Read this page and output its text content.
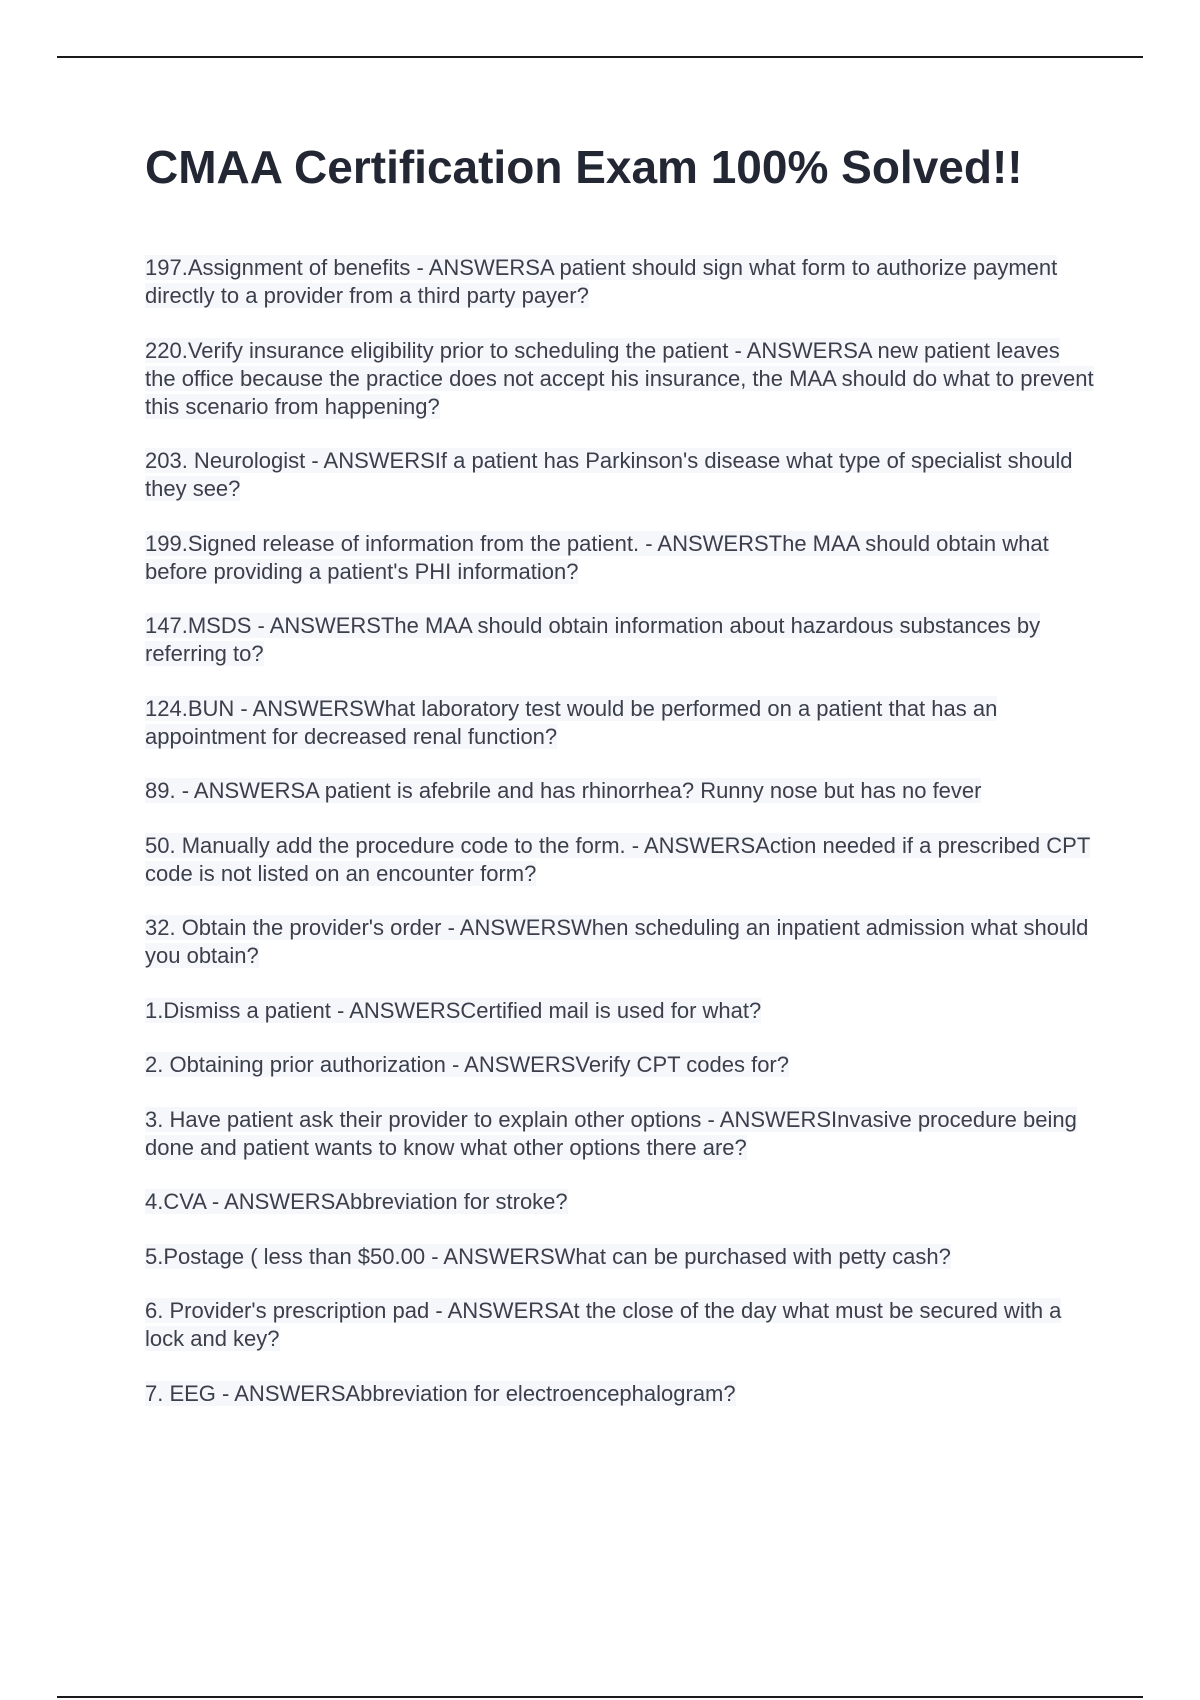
CMAA Certification Exam 100% Solved!!
197.Assignment of benefits - ANSWERSA patient should sign what form to authorize payment directly to a provider from a third party payer?
220.Verify insurance eligibility prior to scheduling the patient - ANSWERSA new patient leaves the office because the practice does not accept his insurance, the MAA should do what to prevent this scenario from happening?
203. Neurologist - ANSWERSIf a patient has Parkinson's disease what type of specialist should they see?
199.Signed release of information from the patient. - ANSWERSThe MAA should obtain what before providing a patient's PHI information?
147.MSDS - ANSWERSThe MAA should obtain information about hazardous substances by referring to?
124.BUN - ANSWERSWhat laboratory test would be performed on a patient that has an appointment for decreased renal function?
89. - ANSWERSA patient is afebrile and has rhinorrhea? Runny nose but has no fever
50. Manually add the procedure code to the form. - ANSWERSAction needed if a prescribed CPT code is not listed on an encounter form?
32. Obtain the provider's order - ANSWERSWhen scheduling an inpatient admission what should you obtain?
1.Dismiss a patient - ANSWERSCertified mail is used for what?
2. Obtaining prior authorization - ANSWERSVerify CPT codes for?
3. Have patient ask their provider to explain other options - ANSWERSInvasive procedure being done and patient wants to know what other options there are?
4.CVA - ANSWERSAbbreviation for stroke?
5.Postage ( less than $50.00 - ANSWERSWhat can be purchased with petty cash?
6. Provider's prescription pad - ANSWERSAt the close of the day what must be secured with a lock and key?
7. EEG - ANSWERSAbbreviation for electroencephalogram?
